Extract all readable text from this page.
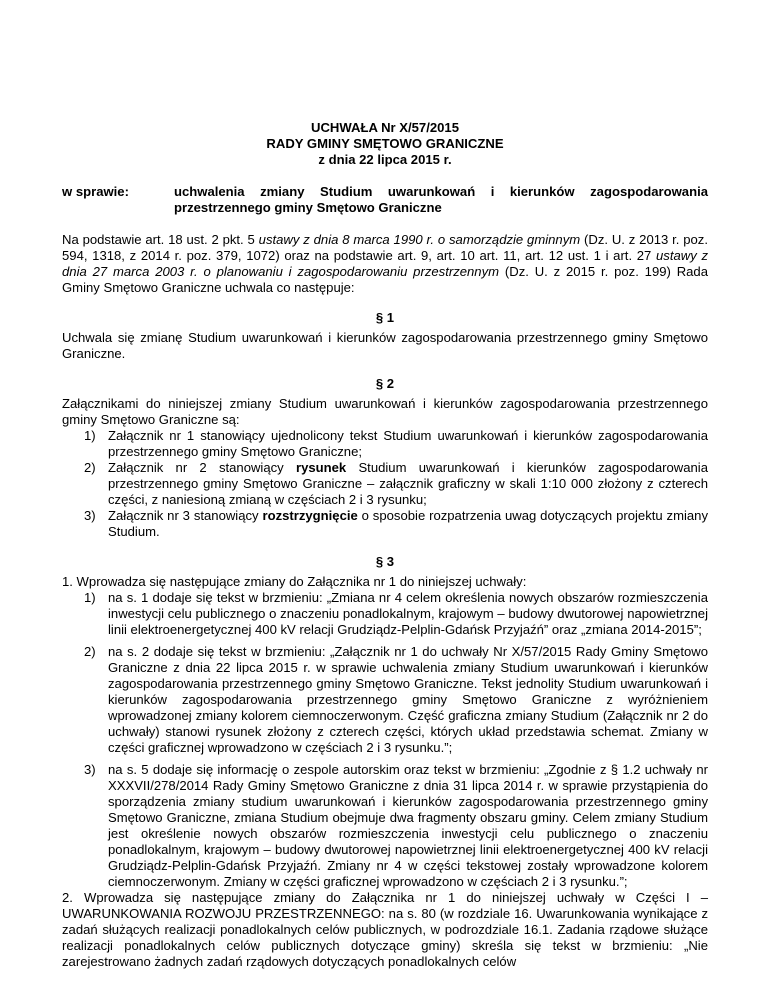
UCHWAŁA Nr X/57/2015

RADY GMINY SMĘTOWO GRANICZNE

z dnia 22 lipca 2015 r.

w sprawie:	uchwalenia zmiany Studium uwarunkowań i kierunków zagospodarowania przestrzennego gminy Smętowo Graniczne

Na podstawie art. 18 ust. 2 pkt. 5 ustawy z dnia 8 marca 1990 r. o samorządzie gminnym (Dz. U. z 2013 r. poz. 594, 1318, z 2014 r. poz. 379, 1072) oraz na podstawie art. 9, art. 10 art. 11, art. 12 ust. 1 i art. 27 ustawy z dnia 27 marca 2003 r. o planowaniu i zagospodarowaniu przestrzennym (Dz. U. z 2015 r. poz. 199) Rada Gminy Smętowo Graniczne uchwala co następuje:

§ 1

Uchwala się zmianę Studium uwarunkowań i kierunków zagospodarowania przestrzennego gminy Smętowo Graniczne.

§ 2

Załącznikami do niniejszej zmiany Studium uwarunkowań i kierunków zagospodarowania przestrzennego gminy Smętowo Graniczne są:

1) Załącznik nr 1 stanowiący ujednolicony tekst Studium uwarunkowań i kierunków zagospodarowania przestrzennego gminy Smętowo Graniczne;
2) Załącznik nr 2 stanowiący rysunek Studium uwarunkowań i kierunków zagospodarowania przestrzennego gminy Smętowo Graniczne – załącznik graficzny w skali 1:10 000 złożony z czterech części, z naniesioną zmianą w częściach 2 i 3 rysunku;
3) Załącznik nr 3 stanowiący rozstrzygnięcie o sposobie rozpatrzenia uwag dotyczących projektu zmiany Studium.
§ 3

1. Wprowadza się następujące zmiany do Załącznika nr 1 do niniejszej uchwały:

1) na s. 1 dodaje się tekst w brzmieniu: „Zmiana nr 4 celem określenia nowych obszarów rozmieszczenia inwestycji celu publicznego o znaczeniu ponadlokalnym, krajowym – budowy dwutorowej napowietrznej linii elektroenergetycznej 400 kV relacji Grudziądz-Pelplin-Gdańsk Przyjaźń” oraz „zmiana 2014-2015”;
2) na s. 2 dodaje się tekst w brzmieniu: „Załącznik nr 1 do uchwały Nr X/57/2015 Rady Gminy Smętowo Graniczne z dnia 22 lipca 2015 r. w sprawie uchwalenia zmiany Studium uwarunkowań i kierunków zagospodarowania przestrzennego gminy Smętowo Graniczne. Tekst jednolity Studium uwarunkowań i kierunków zagospodarowania przestrzennego gminy Smętowo Graniczne z wyróżnieniem wprowadzonej zmiany kolorem ciemnoczerwonym. Część graficzna zmiany Studium (Załącznik nr 2 do uchwały) stanowi rysunek złożony z czterech części, których układ przedstawia schemat. Zmiany w części graficznej wprowadzono w częściach 2 i 3 rysunku.”;
3) na s. 5 dodaje się informację o zespole autorskim oraz tekst w brzmieniu: „Zgodnie z § 1.2 uchwały nr XXXVII/278/2014 Rady Gminy Smętowo Graniczne z dnia 31 lipca 2014 r. w sprawie przystąpienia do sporządzenia zmiany studium uwarunkowań i kierunków zagospodarowania przestrzennego gminy Smętowo Graniczne, zmiana Studium obejmuje dwa fragmenty obszaru gminy. Celem zmiany Studium jest określenie nowych obszarów rozmieszczenia inwestycji celu publicznego o znaczeniu ponadlokalnym, krajowym – budowy dwutorowej napowietrznej linii elektroenergetycznej 400 kV relacji Grudziądz-Pelplin-Gdańsk Przyjaźń. Zmiany nr 4 w części tekstowej zostały wprowadzone kolorem ciemnoczerwonym. Zmiany w części graficznej wprowadzono w częściach 2 i 3 rysunku.”;

2. Wprowadza się następujące zmiany do Załącznika nr 1 do niniejszej uchwały w Części I – UWARUNKOWANIA ROZWOJU PRZESTRZENNEGO: na s. 80 (w rozdziale 16. Uwarunkowania wynikające z zadań służących realizacji ponadlokalnych celów publicznych, w podrozdziale 16.1. Zadania rządowe służące realizacji ponadlokalnych celów publicznych dotyczące gminy) skreśla się tekst w brzmieniu: „Nie zarejestrowano żadnych zadań rządowych dotyczących ponadlokalnych celów
